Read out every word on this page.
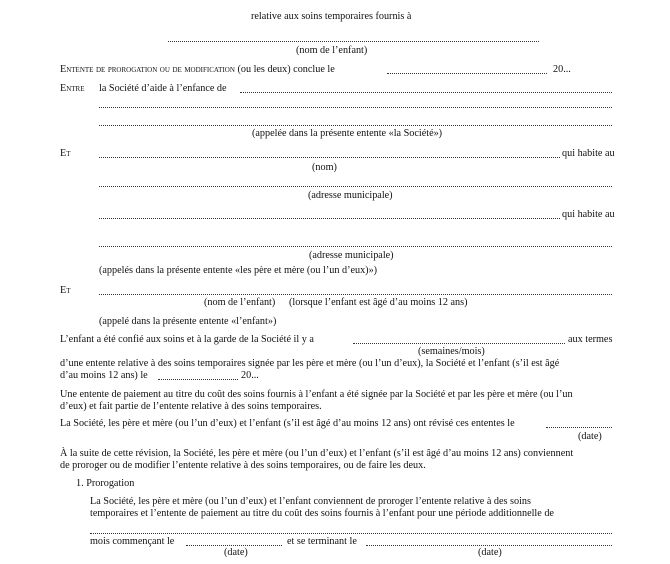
relative aux soins temporaires fournis à
(nom de l’enfant)
Entente de prorogation ou de modification (ou les deux) conclue le	20...
Entre la Société d’aide à l’enfance de
(appelée dans la présente entente «la Société»)
Et	qui habite au
(nom)
(adresse municipale)
qui habite au
(adresse municipale)
(appelés dans la présente entente «les père et mère (ou l’un d’eux)»)
Et
(nom de l’enfant) (lorsque l’enfant est âgé d’au moins 12 ans)
(appelé dans la présente entente «l’enfant»)
L’enfant a été confié aux soins et à la garde de la Société il y a	aux termes
(semaines/mois)
d’une entente relative à des soins temporaires signée par les père et mère (ou l’un d’eux), la Société et l’enfant (s’il est âgé
d’au moins 12 ans) le	20...
Une entente de paiement au titre du coût des soins fournis à l’enfant a été signée par la Société et par les père et mère (ou l’un
d’eux) et fait partie de l’entente relative à des soins temporaires.
La Société, les père et mère (ou l’un d’eux) et l’enfant (s’il est âgé d’au moins 12 ans) ont révisé ces ententes le
(date)
À la suite de cette révision, la Société, les père et mère (ou l’un d’eux) et l’enfant (s’il est âgé d’au moins 12 ans) conviennent
de proroger ou de modifier l’entente relative à des soins temporaires, ou de faire les deux.
1. Prorogation
La Société, les père et mère (ou l’un d’eux) et l’enfant conviennent de proroger l’entente relative à des soins
temporaires et l’entente de paiement au titre du coût des soins fournis à l’enfant pour une période additionnelle de
mois commençant le	et se terminant le
(date)	(date)
